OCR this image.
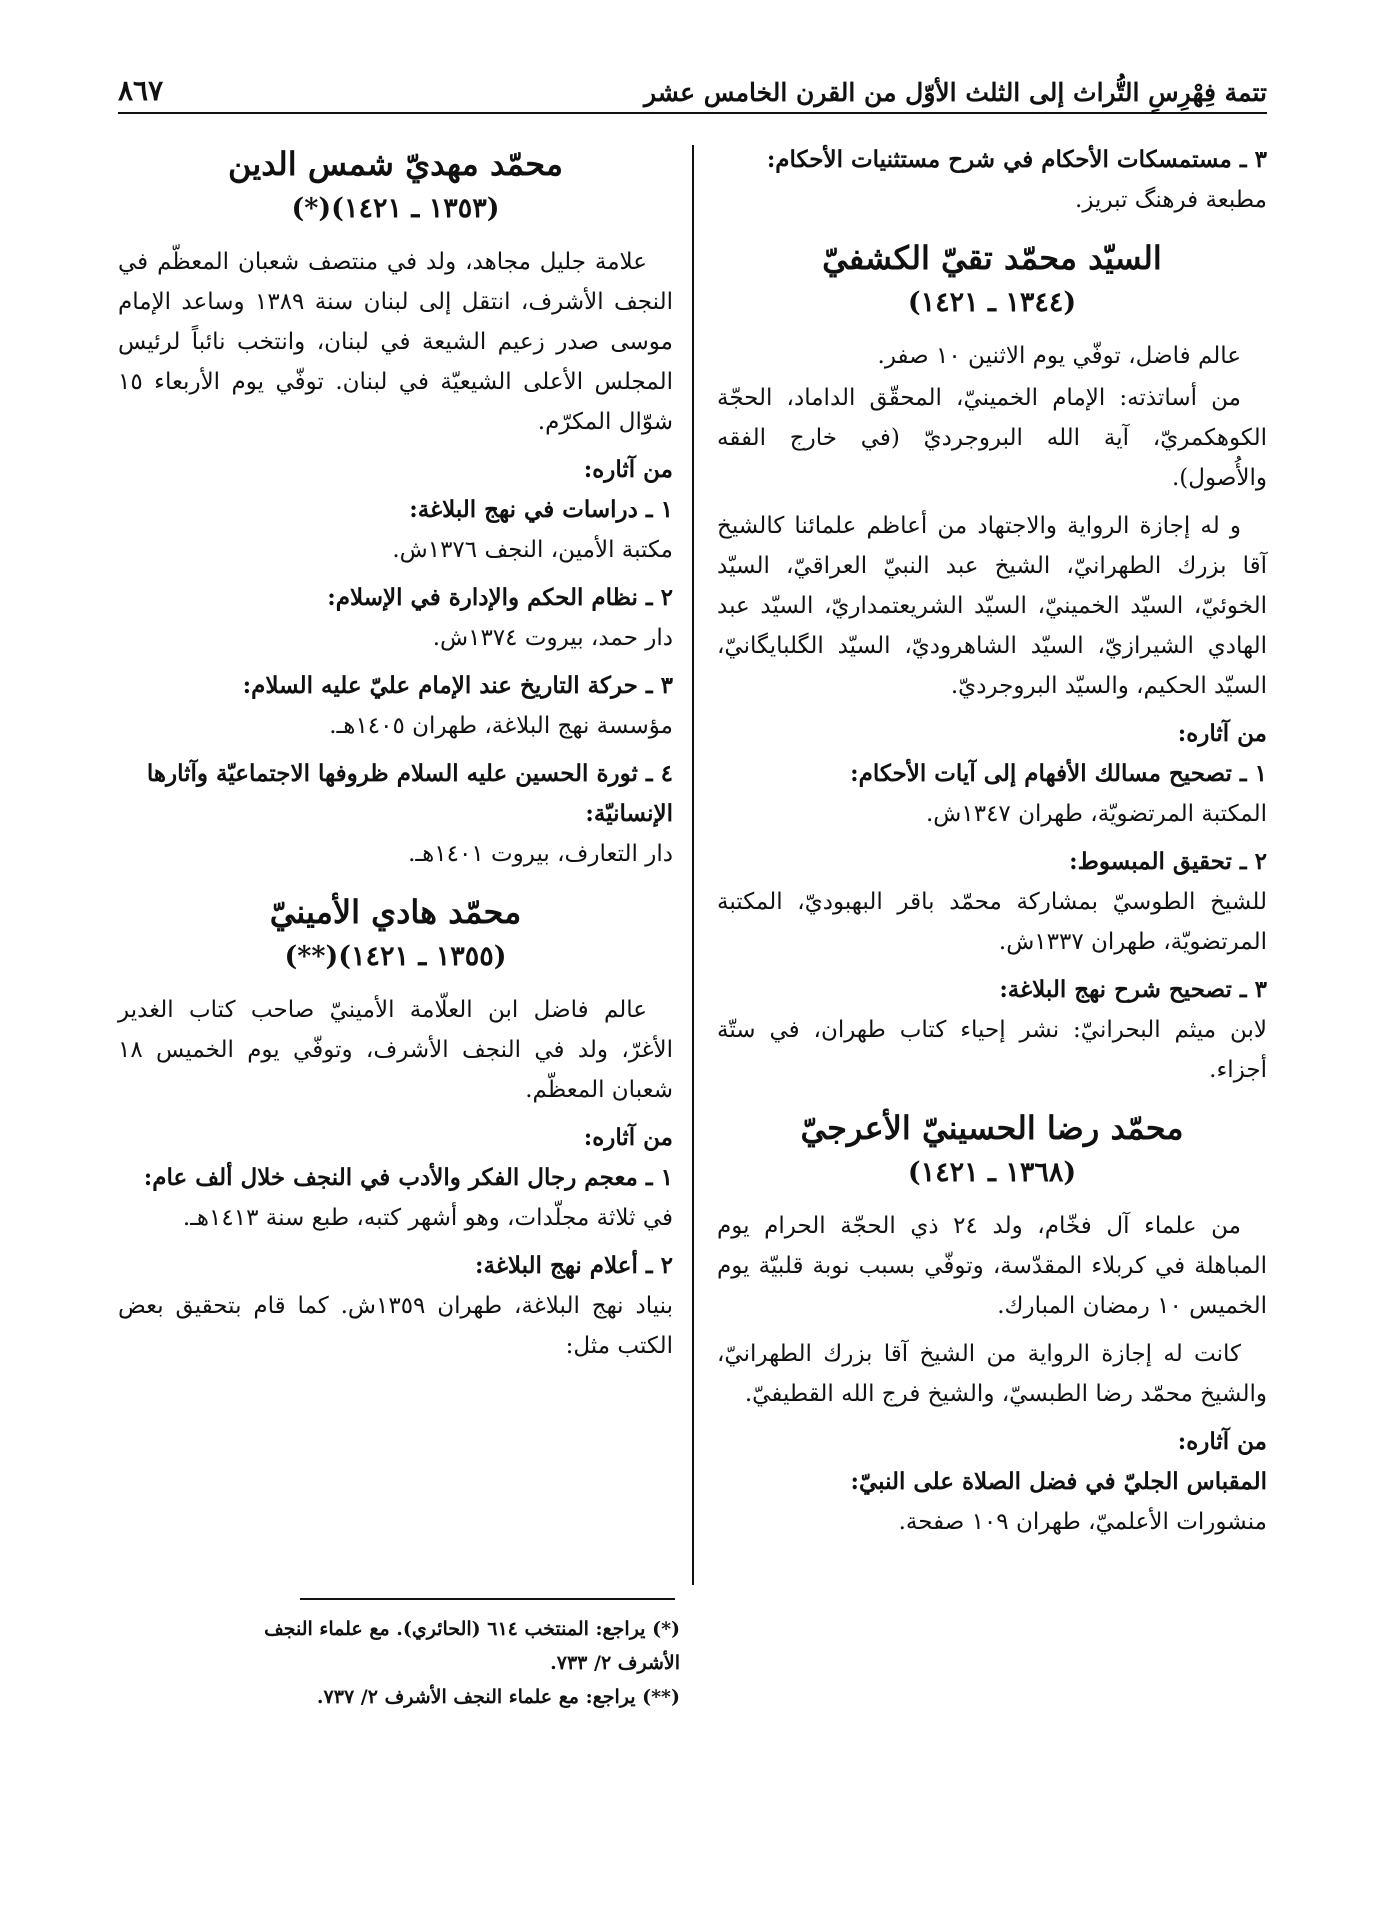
تتمة فِهْرِسِ التُّراث إلى الثلث الأوّل من القرن الخامس عشر
٨٦٧
٣ ـ مستمسكات الأحكام في شرح مستثنيات الأحكام:
مطبعة فرهنگ تبريز.
السيّد محمّد تقيّ الكشفيّ
(١٣٤٤ ـ ١٤٢١)
عالم فاضل، توفّي يوم الاثنين ١٠ صفر.
من أساتذته: الإمام الخمينيّ، المحقّق الداماد، الحجّة الكوهكمريّ، آية الله البروجرديّ (في خارج الفقه والأُصول).
و له إجازة الرواية والاجتهاد من أعاظم علمائنا كالشيخ آقا بزرك الطهرانيّ، الشيخ عبد النبيّ العراقيّ، السيّد الخوئيّ، السيّد الخمينيّ، السيّد الشريعتمداريّ، السيّد عبد الهادي الشيرازيّ، السيّد الشاهروديّ، السيّد الگلبايگانيّ، السيّد الحكيم، والسيّد البروجرديّ.
من آثاره:
١ ـ تصحيح مسالك الأفهام إلى آيات الأحكام:
المكتبة المرتضويّة، طهران ١٣٤٧ش.
٢ ـ تحقيق المبسوط:
للشيخ الطوسيّ بمشاركة محمّد باقر البهبوديّ، المكتبة المرتضويّة، طهران ١٣٣٧ش.
٣ ـ تصحيح شرح نهج البلاغة:
لابن ميثم البحرانيّ: نشر إحياء كتاب طهران، في ستّة أجزاء.
محمّد رضا الحسينيّ الأعرجيّ
(١٣٦٨ ـ ١٤٢١)
من علماء آل فخّام، ولد ٢٤ ذي الحجّة الحرام يوم المباهلة في كربلاء المقدّسة، وتوفّي بسبب نوبة قلبيّة يوم الخميس ١٠ رمضان المبارك.
كانت له إجازة الرواية من الشيخ آقا بزرك الطهرانيّ، والشيخ محمّد رضا الطبسيّ، والشيخ فرج الله القطيفيّ.
من آثاره:
المقباس الجليّ في فضل الصلاة على النبيّ:
منشورات الأعلميّ، طهران ١٠٩ صفحة.
محمّد مهديّ شمس الدين
(١٣٥٣ ـ ١٤٢١)(*)
علامة جليل مجاهد، ولد في منتصف شعبان المعظّم في النجف الأشرف، انتقل إلى لبنان سنة ١٣٨٩ وساعد الإمام موسى صدر زعيم الشيعة في لبنان، وانتخب نائباً لرئيس المجلس الأعلى الشيعيّة في لبنان. توفّي يوم الأربعاء ١٥ شوّال المكرّم.
من آثاره:
١ ـ دراسات في نهج البلاغة:
مكتبة الأمين، النجف ١٣٧٦ش.
٢ ـ نظام الحكم والإدارة في الإسلام:
دار حمد، بيروت ١٣٧٤ش.
٣ ـ حركة التاريخ عند الإمام عليّ عليه السلام:
مؤسسة نهج البلاغة، طهران ١٤٠٥هـ.
٤ ـ ثورة الحسين عليه السلام ظروفها الاجتماعيّة وآثارها الإنسانيّة:
دار التعارف، بيروت ١٤٠١هـ.
محمّد هادي الأمينيّ
(١٣٥٥ ـ ١٤٢١)(**)
عالم فاضل ابن العلّامة الأمينيّ صاحب كتاب الغدير الأغرّ، ولد في النجف الأشرف، وتوفّي يوم الخميس ١٨ شعبان المعظّم.
من آثاره:
١ ـ معجم رجال الفكر والأدب في النجف خلال ألف عام:
في ثلاثة مجلّدات، وهو أشهر كتبه، طبع سنة ١٤١٣هـ.
٢ ـ أعلام نهج البلاغة:
بنياد نهج البلاغة، طهران ١٣٥٩ش. كما قام بتحقيق بعض الكتب مثل:
(*) يراجع: المنتخب ٦١٤ (الحائري). مع علماء النجف الأشرف ٢/ ٧٣٣.
(**) يراجع: مع علماء النجف الأشرف ٢/ ٧٣٧.
